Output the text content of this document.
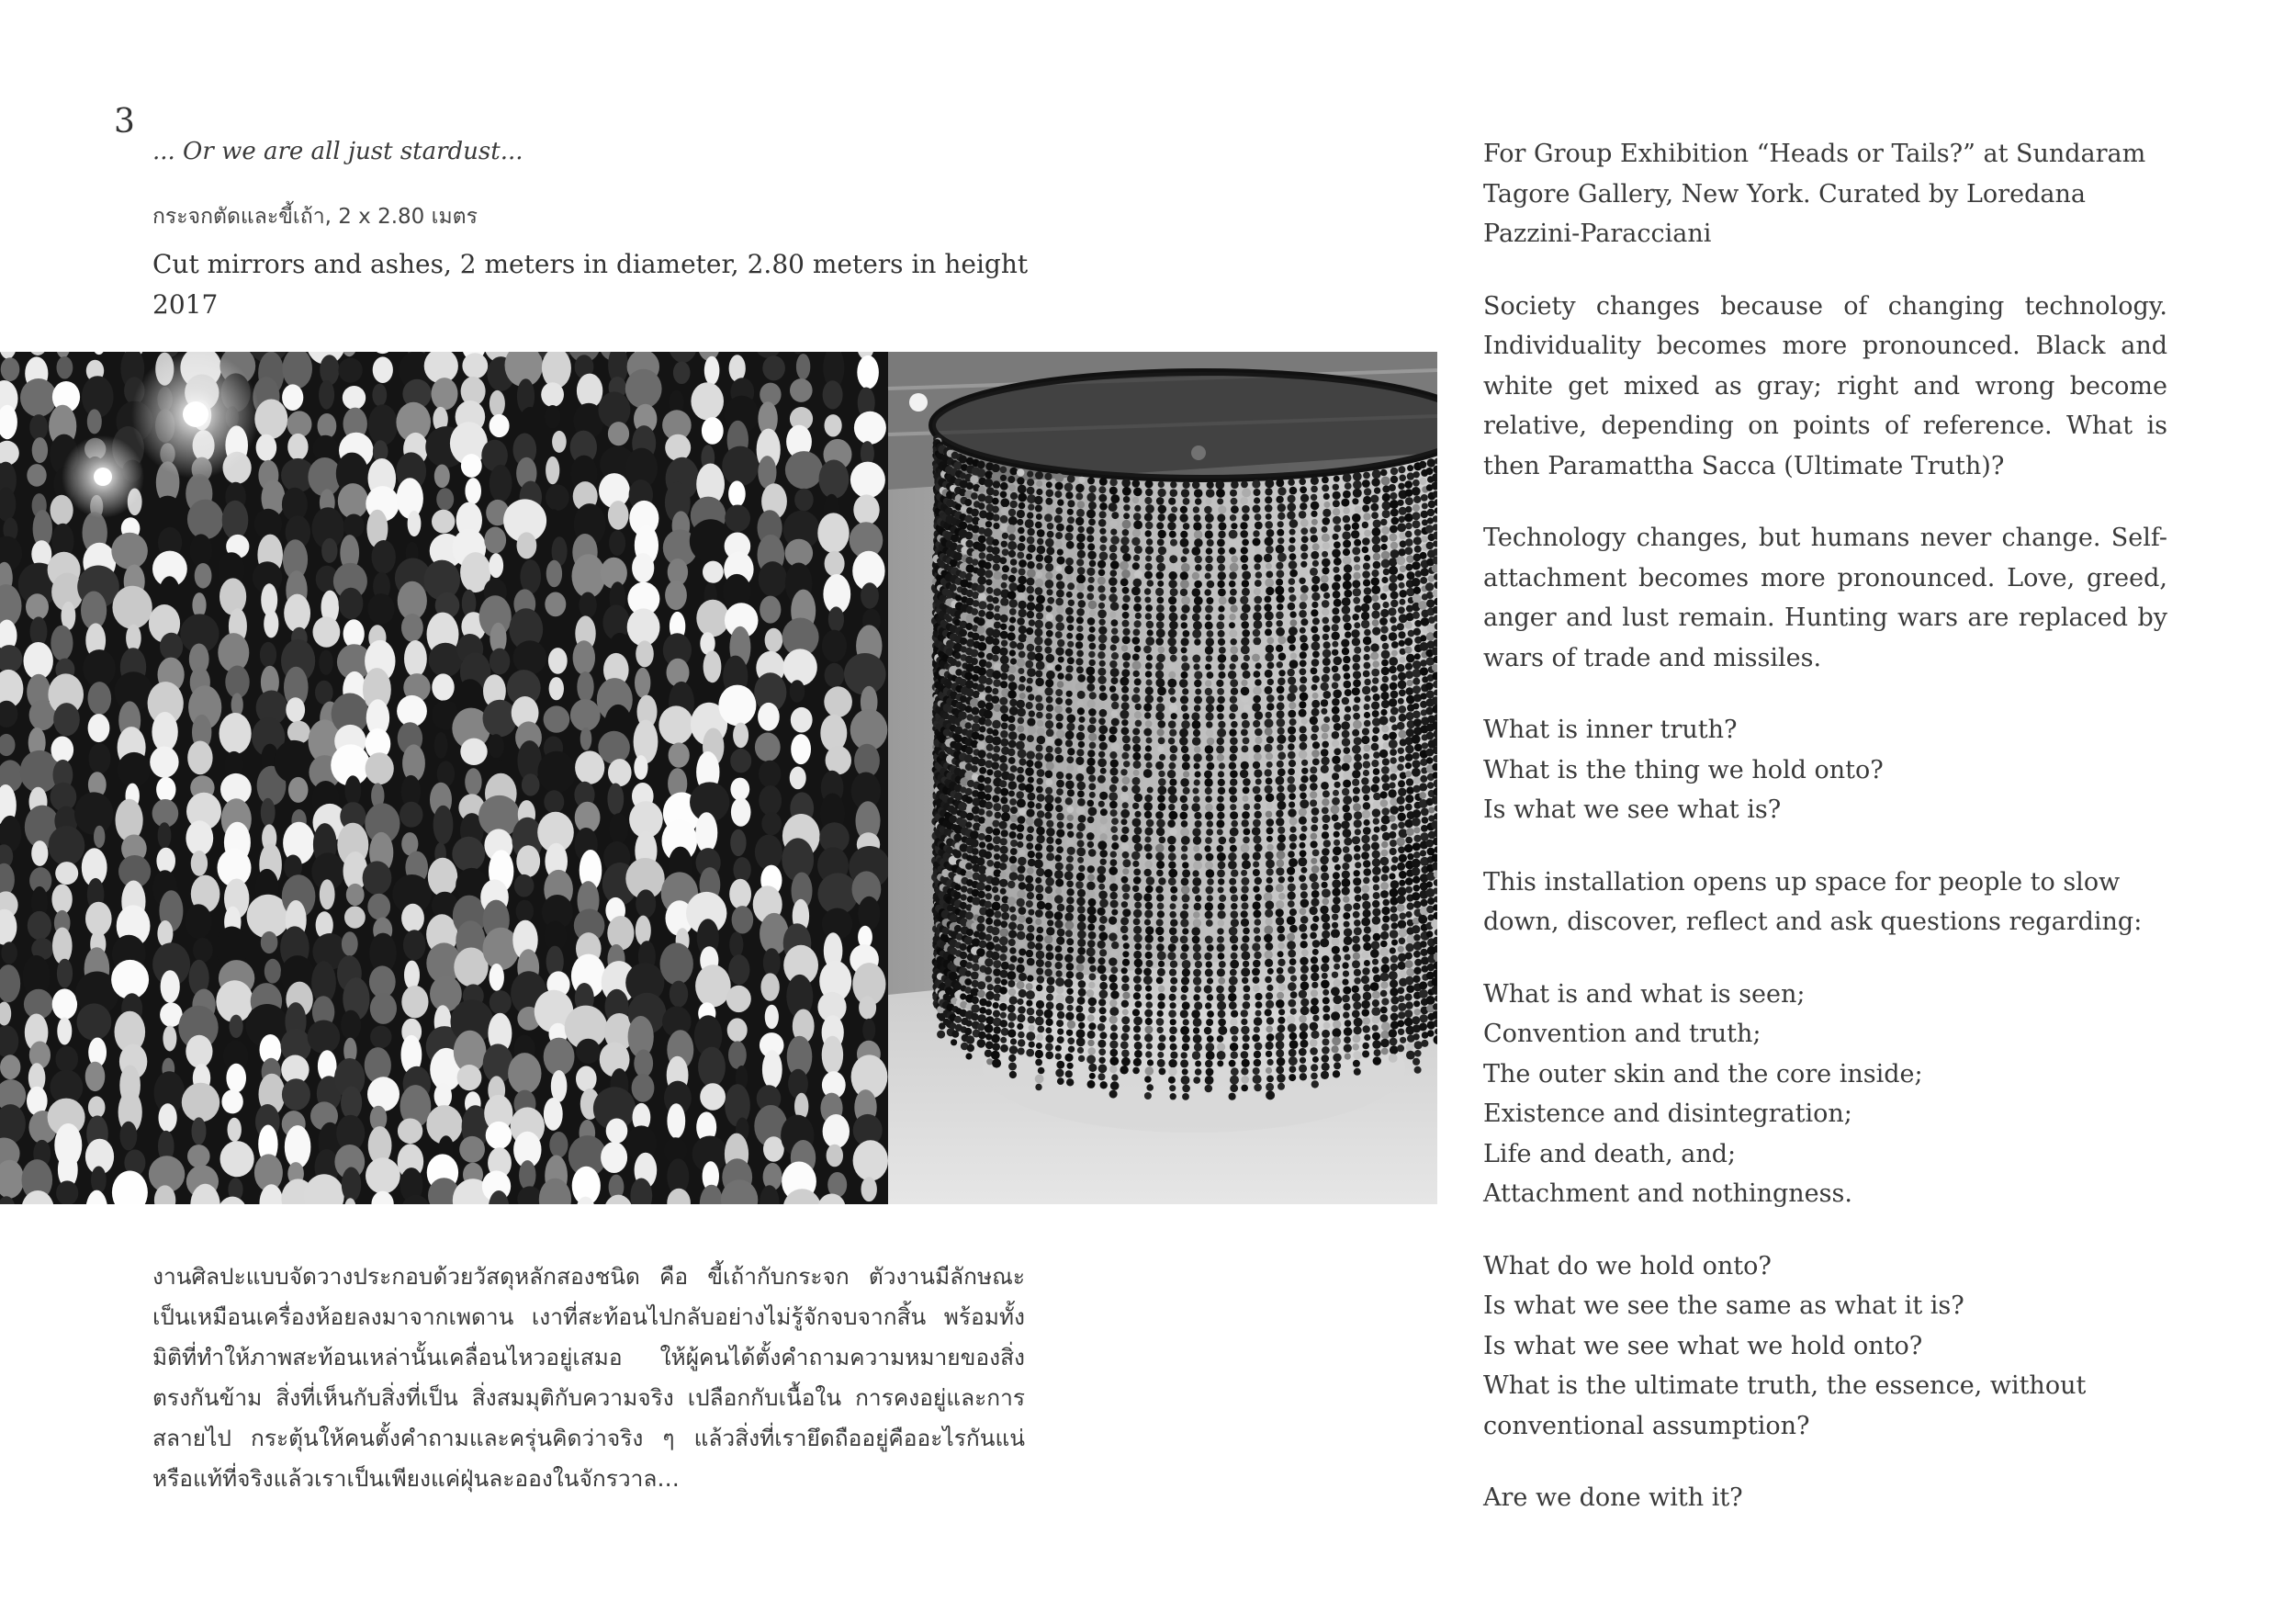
3
... Or we are all just stardust...
กระจกตัดและขี้เถ้า, 2 x 2.80 เมตร
Cut mirrors and ashes, 2 meters in diameter, 2.80 meters in height
2017
งานศิลปะแบบจัดวางประกอบด้วยวัสดุหลักสองชนิด คือ ขี้เถ้ากับกระจก ตัวงานมีลักษณะเป็นเหมือนเครื่องห้อยลงมาจากเพดาน เงาที่สะท้อนไปกลับอย่างไม่รู้จักจบจากสิ้น พร้อมทั้งมิติที่ทำให้ภาพสะท้อนเหล่านั้นเคลื่อนไหวอยู่เสมอ ให้ผู้คนได้ตั้งคำถามความหมายของสิ่งตรงกันข้าม สิ่งที่เห็นกับสิ่งที่เป็น สิ่งสมมุติกับความจริง เปลือกกับเนื้อใน การคงอยู่และการสลายไป กระตุ้นให้คนตั้งคำถามและครุ่นคิดว่าจริง ๆ แล้วสิ่งที่เรายึดถืออยู่คืออะไรกันแน่ หรือแท้ที่จริงแล้วเราเป็นเพียงแค่ฝุ่นละอองในจักรวาล…

For Group Exhibition “Heads or Tails?” at Sundaram Tagore Gallery, New York. Curated by Loredana Pazzini-Paracciani

Society changes because of changing technology. Individuality becomes more pronounced. Black and white get mixed as gray; right and wrong become relative, depending on points of reference. What is then Paramattha Sacca (Ultimate Truth)?

Technology changes, but humans never change. Self-attachment becomes more pronounced. Love, greed, anger and lust remain. Hunting wars are replaced by wars of trade and missiles.

What is inner truth?
What is the thing we hold onto?
Is what we see what is?

This installation opens up space for people to slow down, discover, reflect and ask questions regarding:

What is and what is seen;
Convention and truth;
The outer skin and the core inside;
Existence and disintegration;
Life and death, and;
Attachment and nothingness.

What do we hold onto?
Is what we see the same as what it is?
Is what we see what we hold onto?
What is the ultimate truth, the essence, without conventional assumption?

Are we done with it?
